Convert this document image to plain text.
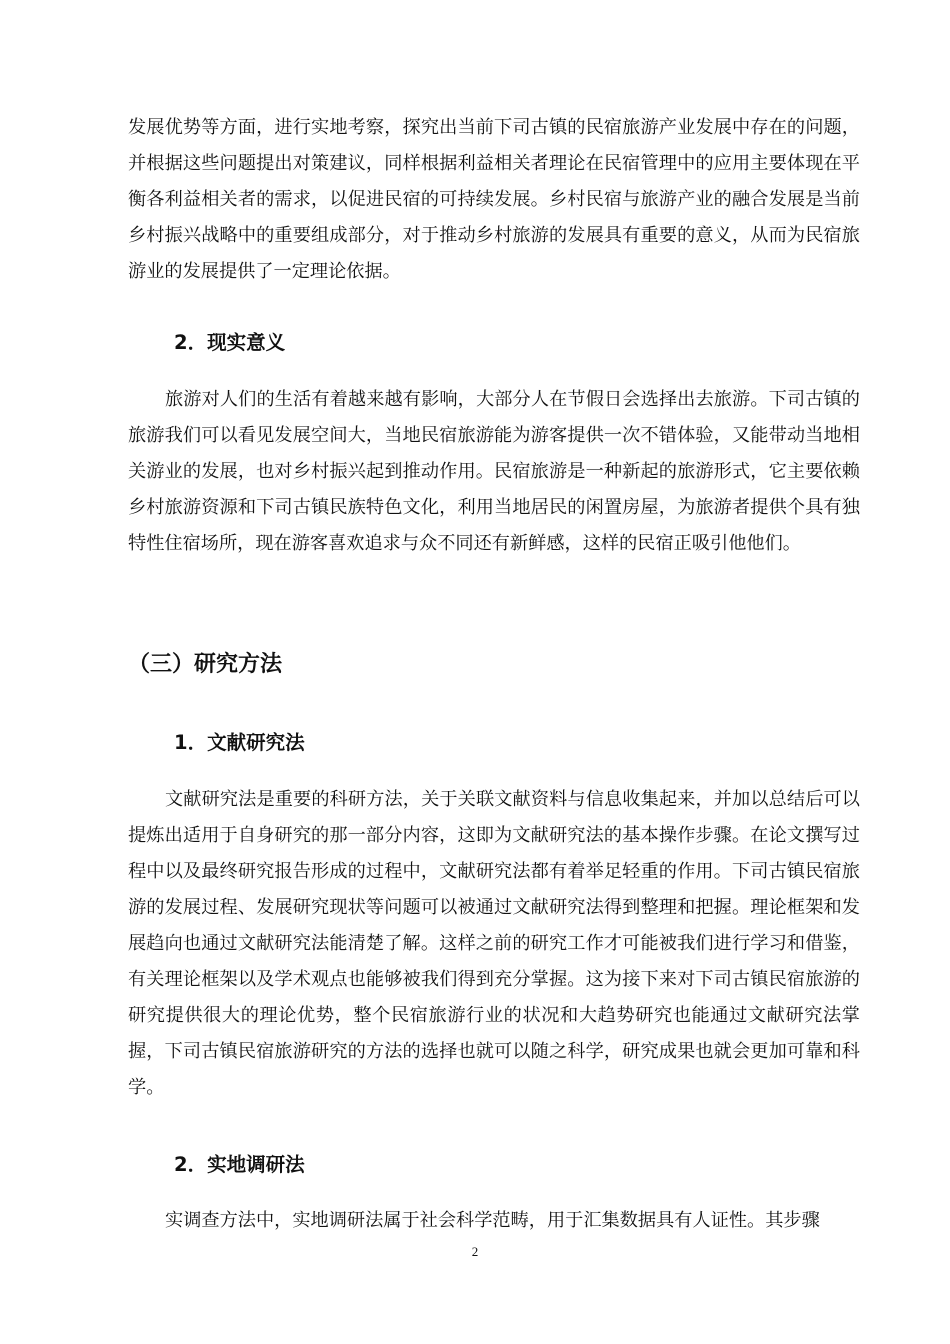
发展优势等方面，进行实地考察，探究出当前下司古镇的民宿旅游产业发展中存在的问题，并根据这些问题提出对策建议，同样根据利益相关者理论在民宿管理中的应用主要体现在平衡各利益相关者的需求，以促进民宿的可持续发展。乡村民宿与旅游产业的融合发展是当前乡村振兴战略中的重要组成部分，对于推动乡村旅游的发展具有重要的意义，从而为民宿旅游业的发展提供了一定理论依据。

2．现实意义

旅游对人们的生活有着越来越有影响，大部分人在节假日会选择出去旅游。下司古镇的旅游我们可以看见发展空间大，当地民宿旅游能为游客提供一次不错体验，又能带动当地相关游业的发展，也对乡村振兴起到推动作用。民宿旅游是一种新起的旅游形式，它主要依赖乡村旅游资源和下司古镇民族特色文化，利用当地居民的闲置房屋，为旅游者提供个具有独特性住宿场所，现在游客喜欢追求与众不同还有新鲜感，这样的民宿正吸引他他们。

（三）研究方法
1．文献研究法

文献研究法是重要的科研方法，关于关联文献资料与信息收集起来，并加以总结后可以提炼出适用于自身研究的那一部分内容，这即为文献研究法的基本操作步骤。在论文撰写过程中以及最终研究报告形成的过程中，文献研究法都有着举足轻重的作用。下司古镇民宿旅游的发展过程、发展研究现状等问题可以被通过文献研究法得到整理和把握。理论框架和发展趋向也通过文献研究法能清楚了解。这样之前的研究工作才可能被我们进行学习和借鉴，有关理论框架以及学术观点也能够被我们得到充分掌握。这为接下来对下司古镇民宿旅游的研究提供很大的理论优势，整个民宿旅游行业的状况和大趋势研究也能通过文献研究法掌握，下司古镇民宿旅游研究的方法的选择也就可以随之科学，研究成果也就会更加可靠和科学。

2．实地调研法

实调查方法中，实地调研法属于社会科学范畴，用于汇集数据具有人证性。其步骤

2
